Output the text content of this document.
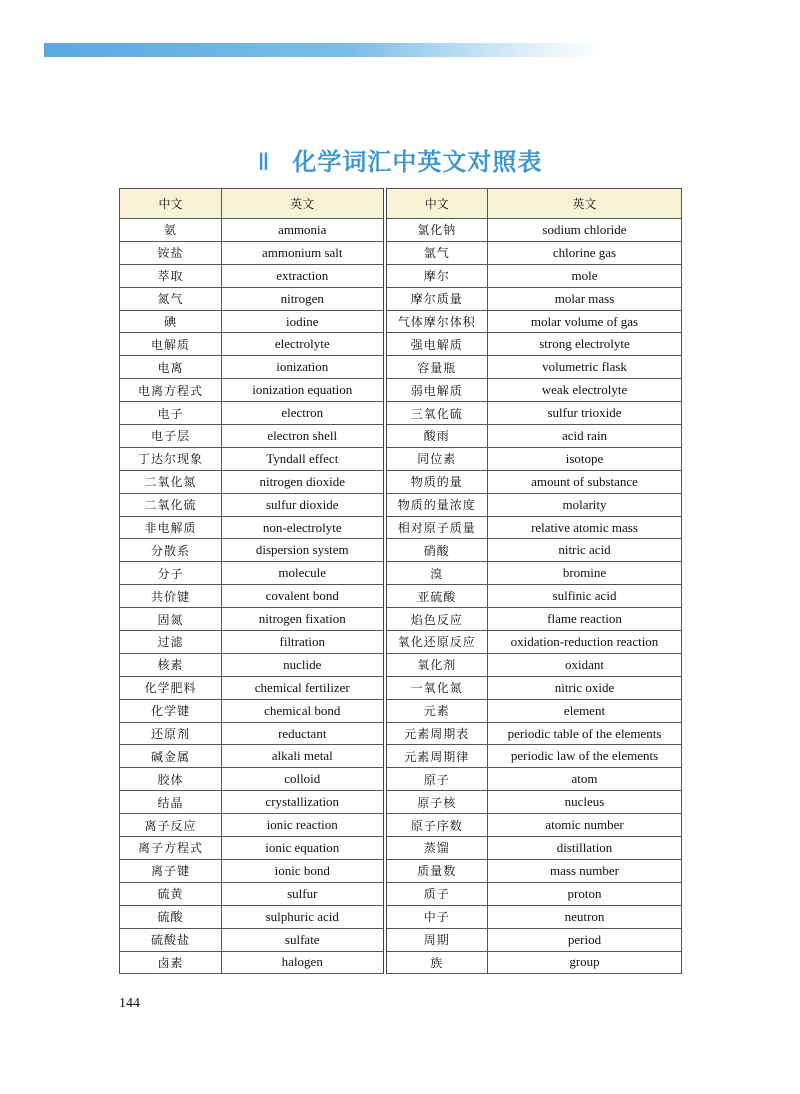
Ⅱ 化学词汇中英文对照表
中文	英文	中文	英文
氨	ammonia	氯化钠	sodium chloride
铵盐	ammonium salt	氯气	chlorine gas
萃取	extraction	摩尔	mole
氮气	nitrogen	摩尔质量	molar mass
碘	iodine	气体摩尔体积	molar volume of gas
电解质	electrolyte	强电解质	strong electrolyte
电离	ionization	容量瓶	volumetric flask
电离方程式	ionization equation	弱电解质	weak electrolyte
电子	electron	三氧化硫	sulfur trioxide
电子层	electron shell	酸雨	acid rain
丁达尔现象	Tyndall effect	同位素	isotope
二氧化氮	nitrogen dioxide	物质的量	amount of substance
二氧化硫	sulfur dioxide	物质的量浓度	molarity
非电解质	non-electrolyte	相对原子质量	relative atomic mass
分散系	dispersion system	硝酸	nitric acid
分子	molecule	溴	bromine
共价键	covalent bond	亚硫酸	sulfinic acid
固氮	nitrogen fixation	焰色反应	flame reaction
过滤	filtration	氧化还原反应	oxidation-reduction reaction
核素	nuclide	氧化剂	oxidant
化学肥料	chemical fertilizer	一氧化氮	nitric oxide
化学键	chemical bond	元素	element
还原剂	reductant	元素周期表	periodic table of the elements
碱金属	alkali metal	元素周期律	periodic law of the elements
胶体	colloid	原子	atom
结晶	crystallization	原子核	nucleus
离子反应	ionic reaction	原子序数	atomic number
离子方程式	ionic equation	蒸馏	distillation
离子键	ionic bond	质量数	mass number
硫黄	sulfur	质子	proton
硫酸	sulphuric acid	中子	neutron
硫酸盐	sulfate	周期	period
卤素	halogen	族	group
144
